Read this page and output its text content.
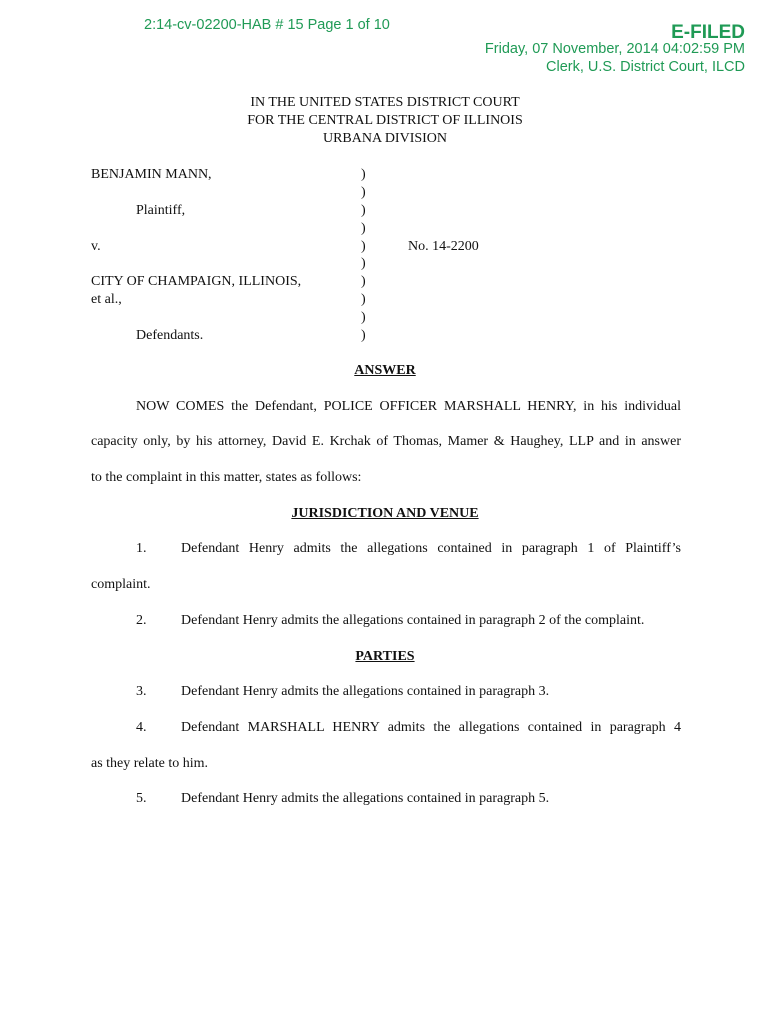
2:14-cv-02200-HAB # 15 Page 1 of 10	E-FILED
Friday, 07 November, 2014 04:02:59 PM
Clerk, U.S. District Court, ILCD
IN THE UNITED STATES DISTRICT COURT
FOR THE CENTRAL DISTRICT OF ILLINOIS
URBANA DIVISION
BENJAMIN MANN,
Plaintiff,
v.
CITY OF CHAMPAIGN, ILLINOIS,
et al.,
Defendants.
No. 14-2200
)
)
)
)
)
)
)
)
)
)
ANSWER
NOW COMES the Defendant, POLICE OFFICER MARSHALL HENRY, in his individual
capacity only, by his attorney, David E. Krchak of Thomas, Mamer & Haughey, LLP and in answer
to the complaint in this matter, states as follows:
JURISDICTION AND VENUE
1. Defendant Henry admits the allegations contained in paragraph 1 of Plaintiff’s
complaint.
2. Defendant Henry admits the allegations contained in paragraph 2 of the complaint.
PARTIES
3. Defendant Henry admits the allegations contained in paragraph 3.
4. Defendant MARSHALL HENRY admits the allegations contained in paragraph 4
as they relate to him.
5. Defendant Henry admits the allegations contained in paragraph 5.
